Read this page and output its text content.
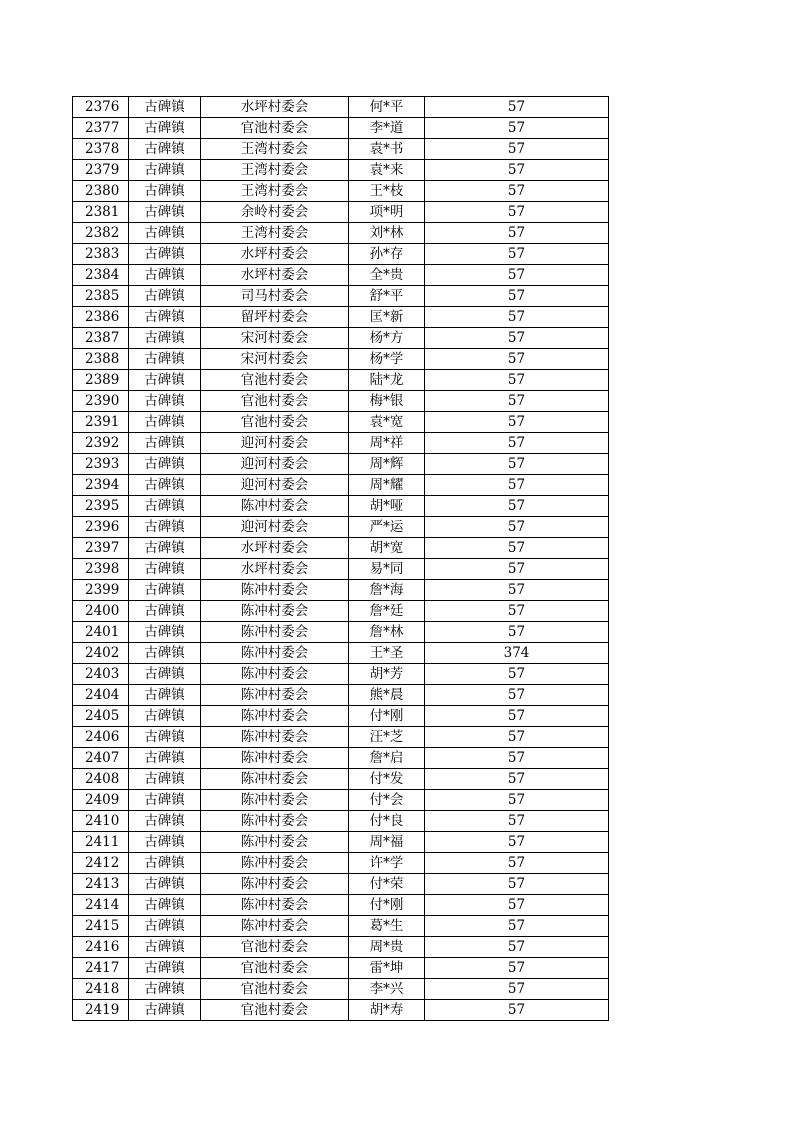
2376	古碑镇	水坪村委会	何*平	57
2377	古碑镇	官池村委会	李*道	57
2378	古碑镇	王湾村委会	袁*书	57
2379	古碑镇	王湾村委会	袁*来	57
2380	古碑镇	王湾村委会	王*枝	57
2381	古碑镇	余岭村委会	项*明	57
2382	古碑镇	王湾村委会	刘*林	57
2383	古碑镇	水坪村委会	孙*存	57
2384	古碑镇	水坪村委会	全*贵	57
2385	古碑镇	司马村委会	舒*平	57
2386	古碑镇	留坪村委会	匡*新	57
2387	古碑镇	宋河村委会	杨*方	57
2388	古碑镇	宋河村委会	杨*学	57
2389	古碑镇	官池村委会	陆*龙	57
2390	古碑镇	官池村委会	梅*银	57
2391	古碑镇	官池村委会	袁*宽	57
2392	古碑镇	迎河村委会	周*祥	57
2393	古碑镇	迎河村委会	周*辉	57
2394	古碑镇	迎河村委会	周*耀	57
2395	古碑镇	陈冲村委会	胡*哑	57
2396	古碑镇	迎河村委会	严*运	57
2397	古碑镇	水坪村委会	胡*宽	57
2398	古碑镇	水坪村委会	易*同	57
2399	古碑镇	陈冲村委会	詹*海	57
2400	古碑镇	陈冲村委会	詹*廷	57
2401	古碑镇	陈冲村委会	詹*林	57
2402	古碑镇	陈冲村委会	王*圣	374
2403	古碑镇	陈冲村委会	胡*芳	57
2404	古碑镇	陈冲村委会	熊*晨	57
2405	古碑镇	陈冲村委会	付*刚	57
2406	古碑镇	陈冲村委会	汪*芝	57
2407	古碑镇	陈冲村委会	詹*启	57
2408	古碑镇	陈冲村委会	付*发	57
2409	古碑镇	陈冲村委会	付*会	57
2410	古碑镇	陈冲村委会	付*良	57
2411	古碑镇	陈冲村委会	周*福	57
2412	古碑镇	陈冲村委会	许*学	57
2413	古碑镇	陈冲村委会	付*荣	57
2414	古碑镇	陈冲村委会	付*刚	57
2415	古碑镇	陈冲村委会	葛*生	57
2416	古碑镇	官池村委会	周*贵	57
2417	古碑镇	官池村委会	雷*坤	57
2418	古碑镇	官池村委会	李*兴	57
2419	古碑镇	官池村委会	胡*寿	57
